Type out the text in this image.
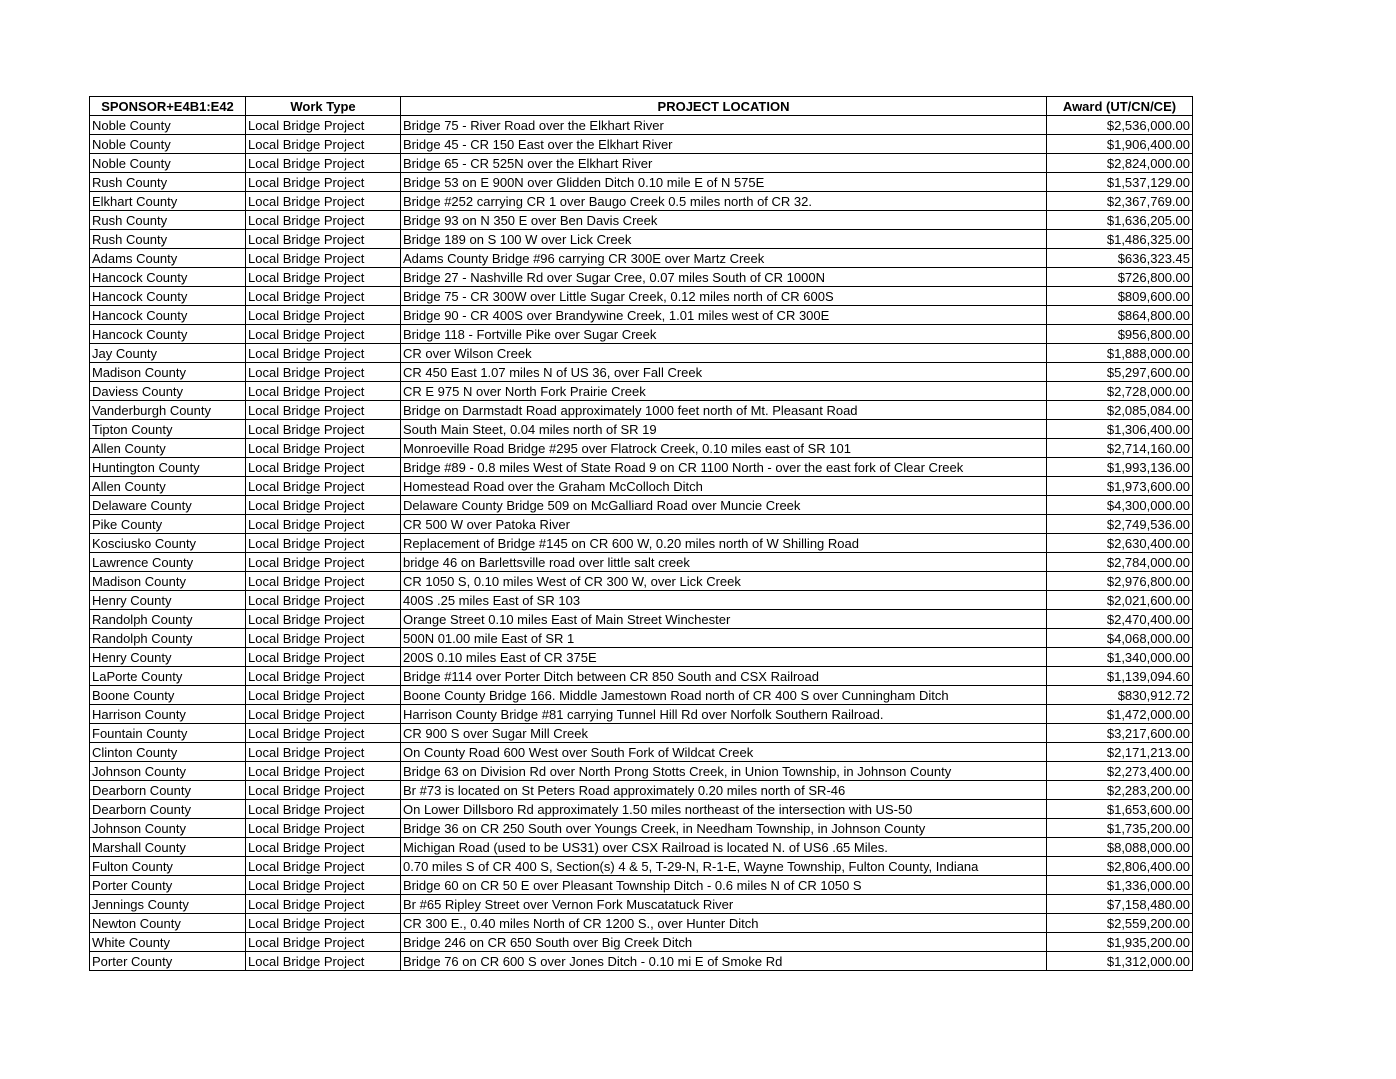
SPONSOR+E4B1:E42	Work Type	PROJECT LOCATION	Award (UT/CN/CE)
Noble County	Local Bridge Project	Bridge 75 - River Road over the Elkhart River	$2,536,000.00
Noble County	Local Bridge Project	Bridge 45 - CR 150 East over the Elkhart River	$1,906,400.00
Noble County	Local Bridge Project	Bridge 65 - CR 525N over the Elkhart River	$2,824,000.00
Rush County	Local Bridge Project	Bridge 53 on E 900N over Glidden Ditch 0.10 mile E of N 575E	$1,537,129.00
Elkhart County	Local Bridge Project	Bridge #252 carrying CR 1 over Baugo Creek 0.5 miles north of CR 32.	$2,367,769.00
Rush County	Local Bridge Project	Bridge 93 on N 350 E over Ben Davis Creek	$1,636,205.00
Rush County	Local Bridge Project	Bridge 189 on S 100 W over Lick Creek	$1,486,325.00
Adams County	Local Bridge Project	Adams County Bridge #96 carrying CR 300E over Martz Creek	$636,323.45
Hancock County	Local Bridge Project	Bridge 27 - Nashville Rd over Sugar Cree, 0.07 miles South of CR 1000N	$726,800.00
Hancock County	Local Bridge Project	Bridge 75 - CR 300W over Little Sugar Creek, 0.12 miles north of CR 600S	$809,600.00
Hancock County	Local Bridge Project	Bridge 90 - CR 400S over Brandywine Creek, 1.01 miles west of CR 300E	$864,800.00
Hancock County	Local Bridge Project	Bridge 118 - Fortville Pike over Sugar Creek	$956,800.00
Jay County	Local Bridge Project	CR over Wilson Creek	$1,888,000.00
Madison County	Local Bridge Project	CR 450 East 1.07 miles N of US 36, over Fall Creek	$5,297,600.00
Daviess County	Local Bridge Project	CR E 975 N over North Fork Prairie Creek	$2,728,000.00
Vanderburgh County	Local Bridge Project	Bridge on Darmstadt Road approximately 1000 feet north of Mt. Pleasant Road	$2,085,084.00
Tipton County	Local Bridge Project	South Main Steet, 0.04 miles north of SR 19	$1,306,400.00
Allen County	Local Bridge Project	Monroeville Road Bridge #295 over Flatrock Creek, 0.10 miles east of SR 101	$2,714,160.00
Huntington County	Local Bridge Project	Bridge #89 - 0.8 miles West of State Road 9 on CR 1100 North - over the east fork of Clear Creek	$1,993,136.00
Allen County	Local Bridge Project	Homestead Road over the Graham McColloch Ditch	$1,973,600.00
Delaware County	Local Bridge Project	Delaware County Bridge 509 on McGalliard Road over Muncie Creek	$4,300,000.00
Pike County	Local Bridge Project	CR 500 W over Patoka River	$2,749,536.00
Kosciusko County	Local Bridge Project	Replacement of Bridge #145 on CR 600 W, 0.20 miles north of W Shilling Road	$2,630,400.00
Lawrence County	Local Bridge Project	bridge 46 on Barlettsville road over little salt creek	$2,784,000.00
Madison County	Local Bridge Project	CR 1050 S, 0.10 miles West of CR 300 W, over Lick Creek	$2,976,800.00
Henry County	Local Bridge Project	400S .25 miles East of SR 103	$2,021,600.00
Randolph County	Local Bridge Project	Orange Street 0.10 miles East of Main Street Winchester	$2,470,400.00
Randolph County	Local Bridge Project	500N 01.00 mile East of SR 1	$4,068,000.00
Henry County	Local Bridge Project	200S 0.10 miles East of CR 375E	$1,340,000.00
LaPorte County	Local Bridge Project	Bridge #114 over Porter Ditch between CR 850 South and CSX Railroad	$1,139,094.60
Boone County	Local Bridge Project	Boone County Bridge 166. Middle Jamestown Road north of CR 400 S over Cunningham Ditch	$830,912.72
Harrison County	Local Bridge Project	Harrison County Bridge #81 carrying Tunnel Hill Rd over Norfolk Southern Railroad.	$1,472,000.00
Fountain County	Local Bridge Project	CR 900 S over Sugar Mill Creek	$3,217,600.00
Clinton County	Local Bridge Project	On County Road 600 West over South Fork of Wildcat Creek	$2,171,213.00
Johnson County	Local Bridge Project	Bridge 63 on Division Rd over North Prong Stotts Creek, in Union Township, in Johnson County	$2,273,400.00
Dearborn County	Local Bridge Project	Br #73 is located on St Peters Road approximately 0.20 miles north of SR-46	$2,283,200.00
Dearborn County	Local Bridge Project	On Lower Dillsboro Rd approximately 1.50 miles northeast of the intersection with US-50	$1,653,600.00
Johnson County	Local Bridge Project	Bridge 36 on CR 250 South over Youngs Creek, in Needham Township, in Johnson County	$1,735,200.00
Marshall County	Local Bridge Project	Michigan Road (used to be US31) over CSX Railroad is located N. of US6 .65 Miles.	$8,088,000.00
Fulton County	Local Bridge Project	0.70 miles S of CR 400 S, Section(s) 4 & 5, T-29-N, R-1-E, Wayne Township, Fulton County, Indiana	$2,806,400.00
Porter County	Local Bridge Project	Bridge 60 on CR 50 E over Pleasant Township Ditch - 0.6 miles N of CR 1050 S	$1,336,000.00
Jennings County	Local Bridge Project	Br #65 Ripley Street over Vernon Fork Muscatatuck River	$7,158,480.00
Newton County	Local Bridge Project	CR 300 E., 0.40 miles North of CR 1200 S., over Hunter Ditch	$2,559,200.00
White County	Local Bridge Project	Bridge 246 on CR 650 South over Big Creek Ditch	$1,935,200.00
Porter County	Local Bridge Project	Bridge 76 on CR 600 S over Jones Ditch - 0.10 mi E of Smoke Rd	$1,312,000.00
